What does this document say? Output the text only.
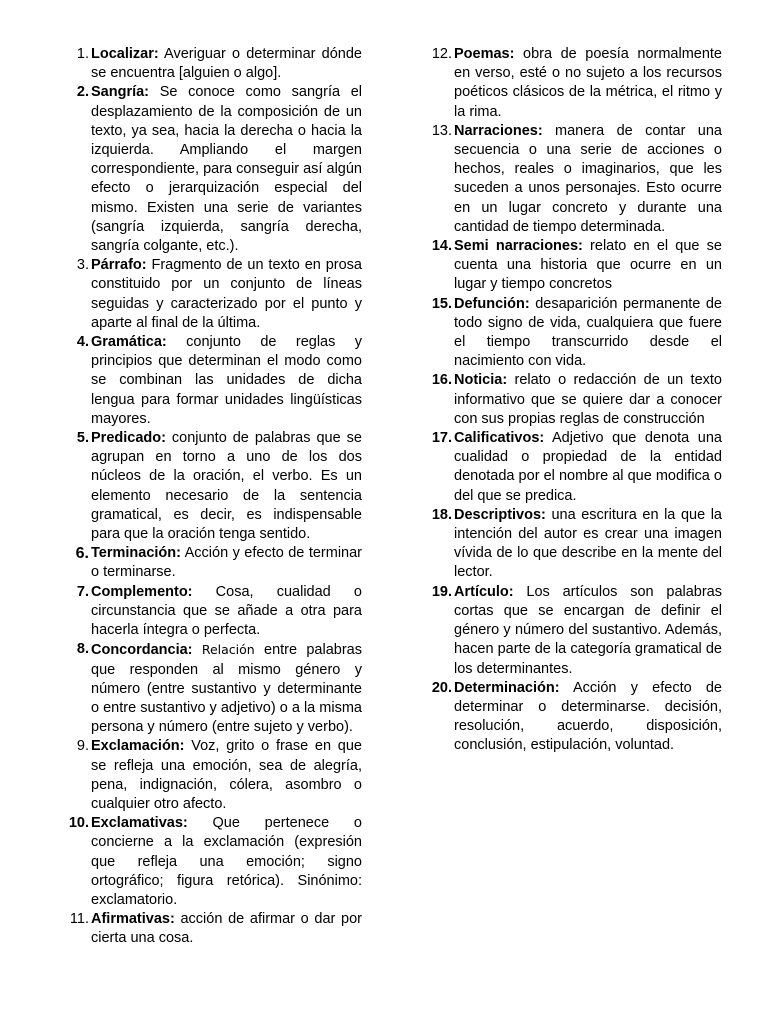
1. Localizar: Averiguar o determinar dónde se encuentra [alguien o algo].
2. Sangría: Se conoce como sangría el desplazamiento de la composición de un texto, ya sea, hacia la derecha o hacia la izquierda. Ampliando el margen correspondiente, para conseguir así algún efecto o jerarquización especial del mismo. Existen una serie de variantes (sangría izquierda, sangría derecha, sangría colgante, etc.).
3. Párrafo: Fragmento de un texto en prosa constituido por un conjunto de líneas seguidas y caracterizado por el punto y aparte al final de la última.
4. Gramática: conjunto de reglas y principios que determinan el modo como se combinan las unidades de dicha lengua para formar unidades lingüísticas mayores.
5. Predicado: conjunto de palabras que se agrupan en torno a uno de los dos núcleos de la oración, el verbo. Es un elemento necesario de la sentencia gramatical, es decir, es indispensable para que la oración tenga sentido.
6. Terminación: Acción y efecto de terminar o terminarse.
7. Complemento: Cosa, cualidad o circunstancia que se añade a otra para hacerla íntegra o perfecta.
8. Concordancia: Relación entre palabras que responden al mismo género y número (entre sustantivo y determinante o entre sustantivo y adjetivo) o a la misma persona y número (entre sujeto y verbo).
9. Exclamación: Voz, grito o frase en que se refleja una emoción, sea de alegría, pena, indignación, cólera, asombro o cualquier otro afecto.
10. Exclamativas: Que pertenece o concierne a la exclamación (expresión que refleja una emoción; signo ortográfico; figura retórica). Sinónimo: exclamatorio.
11. Afirmativas: acción de afirmar o dar por cierta una cosa.
12. Poemas: obra de poesía normalmente en verso, esté o no sujeto a los recursos poéticos clásicos de la métrica, el ritmo y la rima.
13. Narraciones: manera de contar una secuencia o una serie de acciones o hechos, reales o imaginarios, que les suceden a unos personajes. Esto ocurre en un lugar concreto y durante una cantidad de tiempo determinada.
14. Semi narraciones: relato en el que se cuenta una historia que ocurre en un lugar y tiempo concretos
15. Defunción: desaparición permanente de todo signo de vida, cualquiera que fuere el tiempo transcurrido desde el nacimiento con vida.
16. Noticia: relato o redacción de un texto informativo que se quiere dar a conocer con sus propias reglas de construcción
17. Calificativos: Adjetivo que denota una cualidad o propiedad de la entidad denotada por el nombre al que modifica o del que se predica.
18. Descriptivos: una escritura en la que la intención del autor es crear una imagen vívida de lo que describe en la mente del lector.
19. Artículo: Los artículos son palabras cortas que se encargan de definir el género y número del sustantivo. Además, hacen parte de la categoría gramatical de los determinantes.
20. Determinación: Acción y efecto de determinar o determinarse. decisión, resolución, acuerdo, disposición, conclusión, estipulación, voluntad.
